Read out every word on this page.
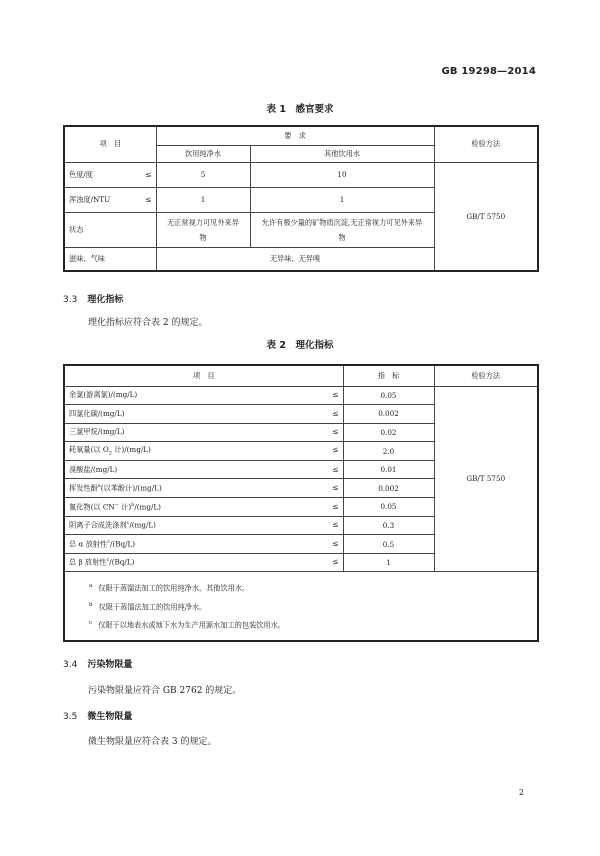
GB 19298—2014
表 1　感官要求
项　目	要　求		检验方法
	饮用纯净水	其他饮用水	
色度/度 ≤	5	10	GB/T 5750
浑浊度/NTU ≤	1	1	
状态	无正常视力可见外来异物	允许有极少量的矿物质沉淀,无正常视力可见外来异物	
滋味、气味	无异味、无异嗅		
3.3 理化指标
理化指标应符合表 2 的规定。
表 2　理化指标
项　目	指　标	检验方法
余氯(游离氯)/(mg/L) ≤	0.05	GB/T 5750
四氯化碳/(mg/L) ≤	0.002	
三氯甲烷/(mg/L) ≤	0.02	
耗氧量(以 $O_2$ 计)/(mg/L) ≤	2.0	
溴酸盐/(mg/L) ≤	0.01	
挥发性酚$^a$(以苯酚计)/(mg/L) ≤	0.002	
氰化物(以 CN− 计)$^b$/(mg/L) ≤	0.05	
阴离子合成洗涤剂$^c$/(mg/L) ≤	0.3	
总 α 放射性$^c$/(Bq/L) ≤	0.5	
总 β 放射性$^c$/(Bq/L) ≤	1	

$^a$ 仅限于蒸馏法加工的饮用纯净水、其他饮用水。
$^b$ 仅限于蒸馏法加工的饮用纯净水。
$^c$ 仅限于以地表水或地下水为生产用源水加工的包装饮用水。		
3.4 污染物限量
污染物限量应符合 GB 2762 的规定。
3.5 微生物限量
微生物限量应符合表 3 的规定。
2
